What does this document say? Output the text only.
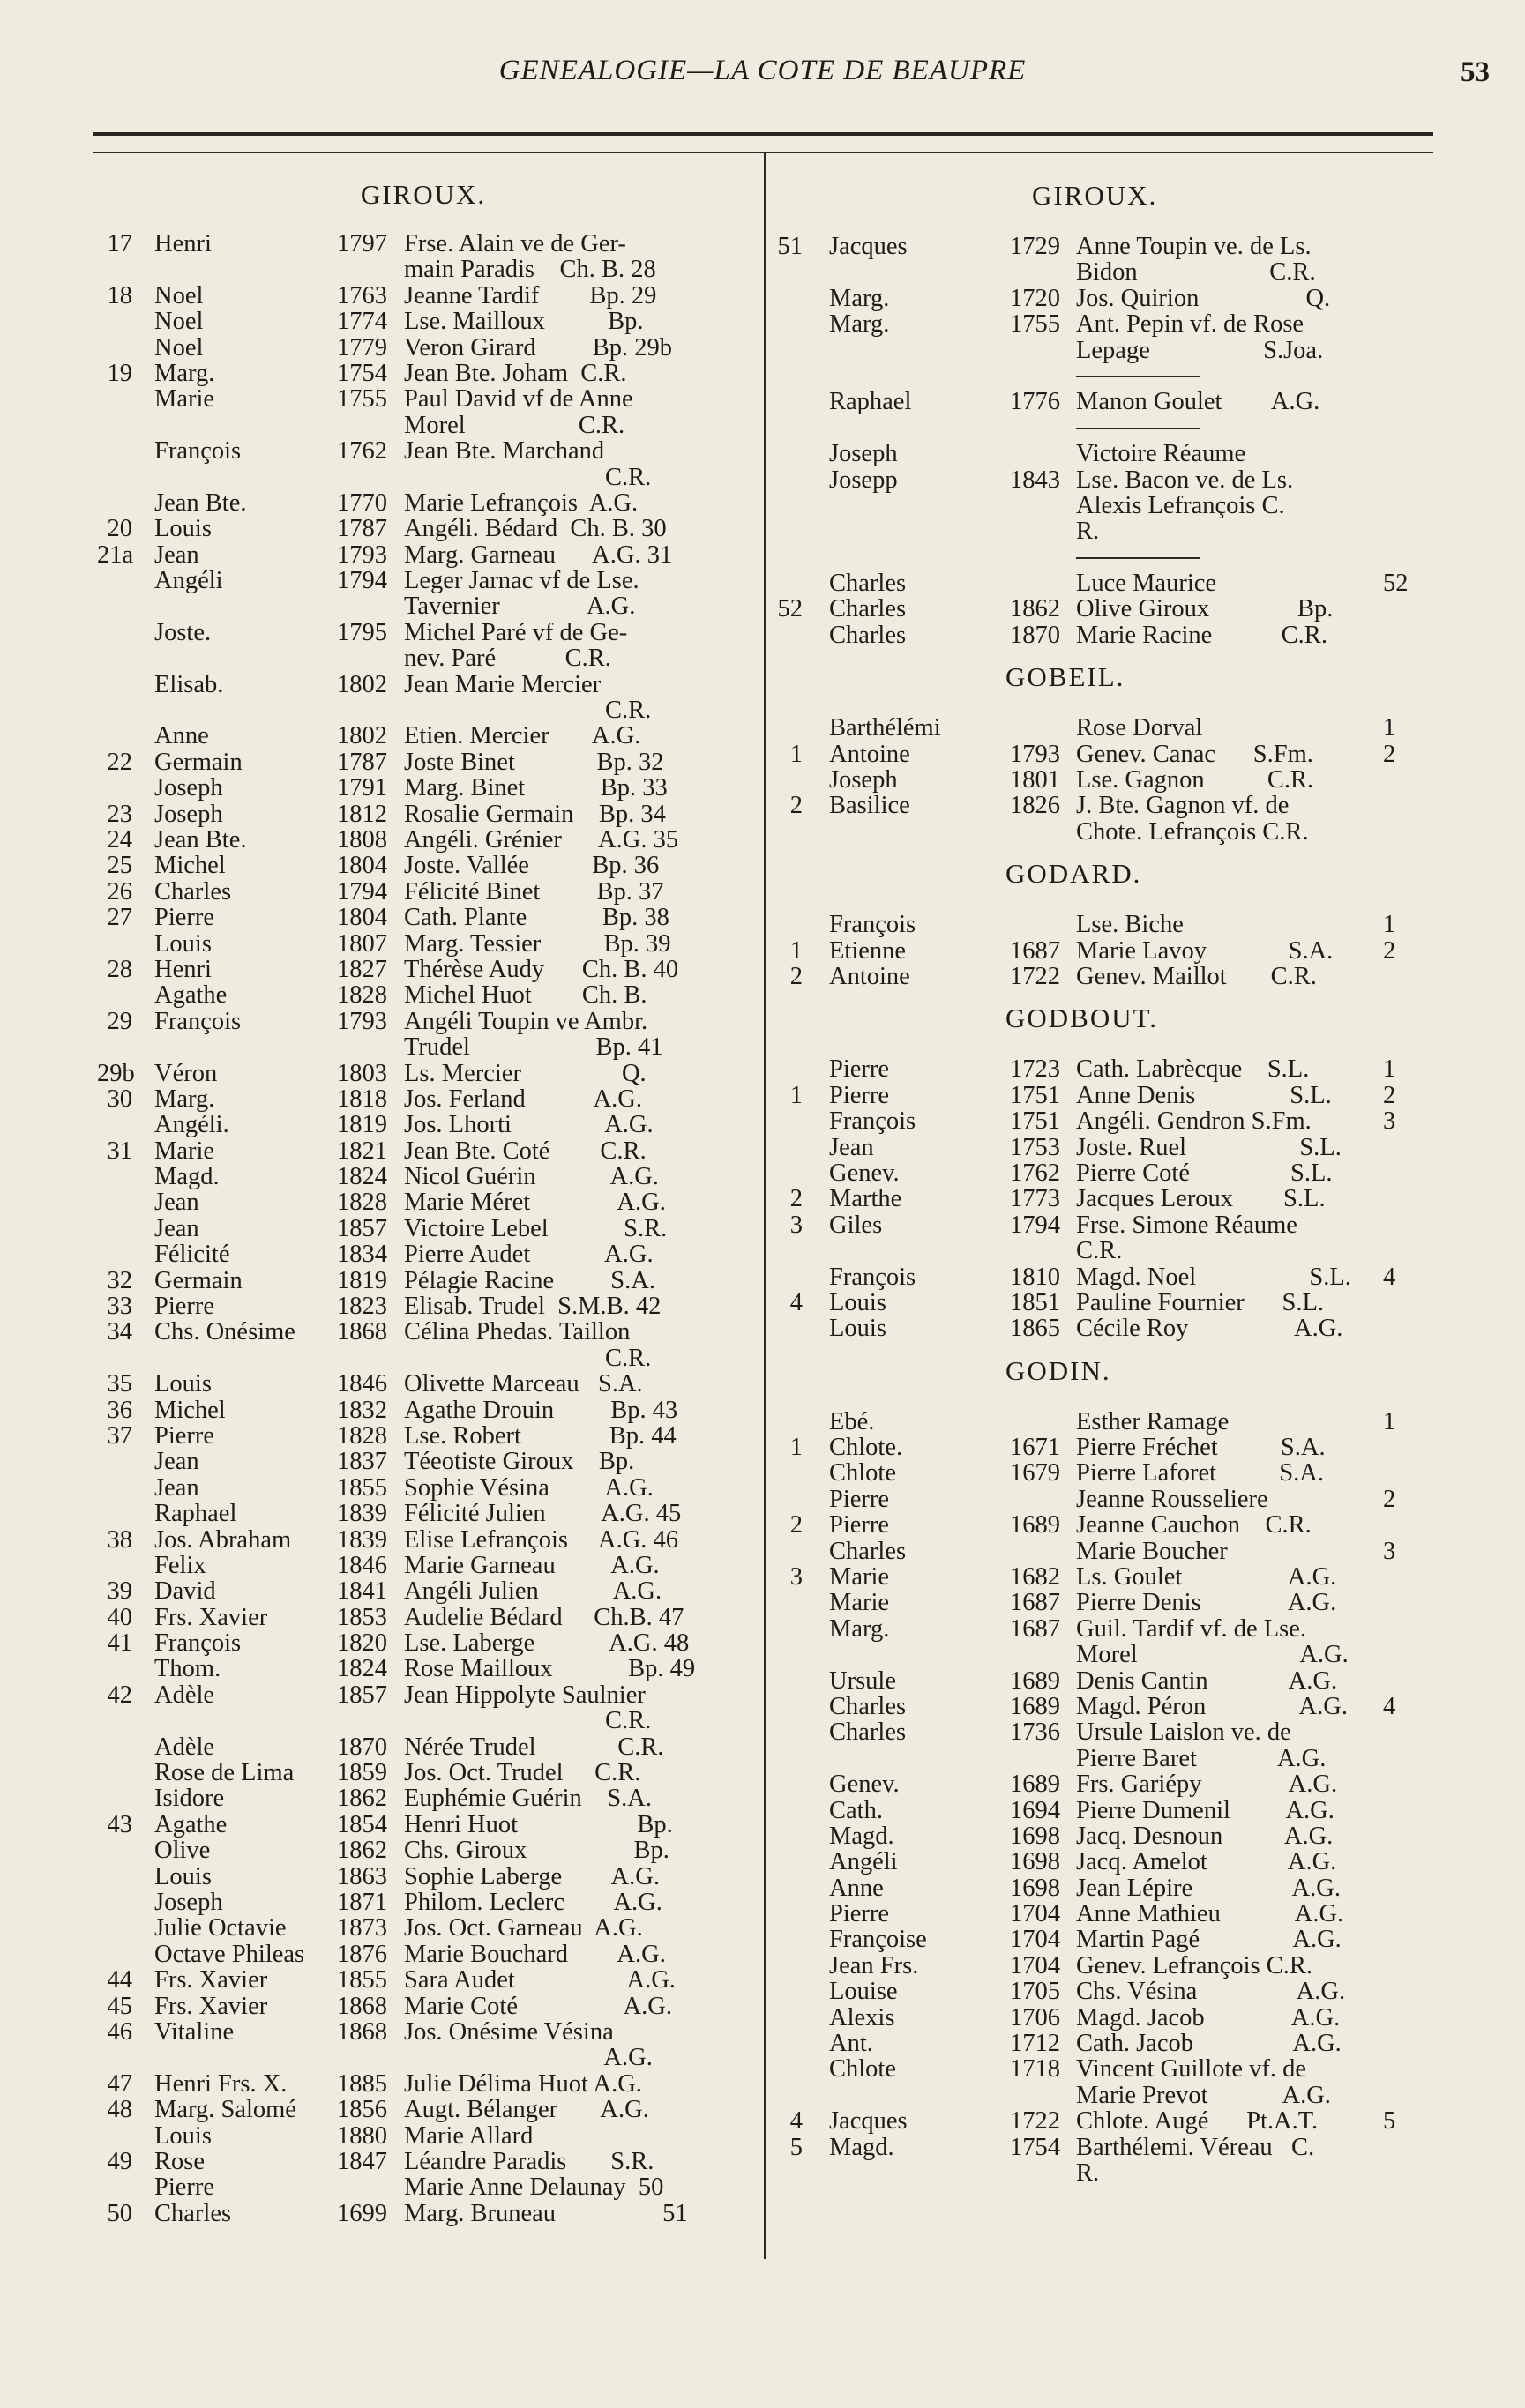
GENEALOGIE—LA COTE DE BEAUPRE	53
GIROUX.
17 Henri	1797 Frse. Alain ve de Ger-
main Paradis    Ch. B. 28
18 Noel	1763 Jeanne Tardif        Bp. 29
Noel	1774 Lse. Mailloux          Bp.
Noel	1779 Veron Girard         Bp. 29b
19 Marg.	1754 Jean Bte. Joham  C.R.
Marie	1755 Paul David vf de Anne
Morel                  C.R.
François	1762 Jean Bte. Marchand
C.R.
Jean Bte.	1770 Marie Lefrançois  A.G.
20 Louis	1787 Angéli. Bédard  Ch. B. 30
21a Jean	1793 Marg. Garneau      A.G. 31
Angéli	1794 Leger Jarnac vf de Lse.
Tavernier              A.G.
Joste.	1795 Michel Paré vf de Ge-
nev. Paré           C.R.
Elisab.	1802 Jean Marie Mercier
C.R.
Anne	1802 Etien. Mercier       A.G.
22 Germain	1787 Joste Binet             Bp. 32
Joseph	1791 Marg. Binet            Bp. 33
23 Joseph	1812 Rosalie Germain    Bp. 34
24 Jean Bte.	1808 Angéli. Grénier      A.G. 35
25 Michel	1804 Joste. Vallée          Bp. 36
26 Charles	1794 Félicité Binet         Bp. 37
27 Pierre	1804 Cath. Plante            Bp. 38
Louis	1807 Marg. Tessier          Bp. 39
28 Henri	1827 Thérèse Audy      Ch. B. 40
Agathe	1828 Michel Huot        Ch. B.
29 François	1793 Angéli Toupin ve Ambr.
Trudel                    Bp. 41
29b Véron	1803 Ls. Mercier                Q.
30 Marg.	1818 Jos. Ferland           A.G.
Angéli.	1819 Jos. Lhorti               A.G.
31 Marie	1821 Jean Bte. Coté        C.R.
Magd.	1824 Nicol Guérin            A.G.
Jean	1828 Marie Méret              A.G.
Jean	1857 Victoire Lebel            S.R.
Félicité	1834 Pierre Audet            A.G.
32 Germain	1819 Pélagie Racine         S.A.
33 Pierre	1823 Elisab. Trudel  S.M.B. 42
34 Chs. Onésime 1868 Célina Phedas. Taillon
C.R.
35 Louis	1846 Olivette Marceau   S.A.
36 Michel	1832 Agathe Drouin         Bp. 43
37 Pierre	1828 Lse. Robert              Bp. 44
Jean	1837 Téeotiste Giroux    Bp.
Jean	1855 Sophie Vésina         A.G.
Raphael	1839 Félicité Julien         A.G. 45
38 Jos. Abraham 1839 Elise Lefrançois     A.G. 46
Felix	1846 Marie Garneau         A.G.
39 David	1841 Angéli Julien            A.G.
40 Frs. Xavier	1853 Audelie Bédard     Ch.B. 47
41 François	1820 Lse. Laberge            A.G. 48
Thom.	1824 Rose Mailloux            Bp. 49
42 Adèle	1857 Jean Hippolyte Saulnier
C.R.
Adèle	1870 Nérée Trudel             C.R.
Rose de Lima 1859 Jos. Oct. Trudel     C.R.
Isidore	1862 Euphémie Guérin    S.A.
43 Agathe	1854 Henri Huot                   Bp.
Olive	1862 Chs. Giroux                 Bp.
Louis	1863 Sophie Laberge        A.G.
Joseph	1871 Philom. Leclerc        A.G.
Julie Octavie 1873 Jos. Oct. Garneau  A.G.
Octave Phileas 1876 Marie Bouchard        A.G.
44 Frs. Xavier	1855 Sara Audet                  A.G.
45 Frs. Xavier	1868 Marie Coté                 A.G.
46 Vitaline	1868 Jos. Onésime Vésina
A.G.
47 Henri Frs. X. 1885 Julie Délima Huot A.G.
48 Marg. Salomé 1856 Augt. Bélanger       A.G.
Louis	1880 Marie Allard
49 Rose	1847 Léandre Paradis       S.R.
Pierre	Marie Anne Delaunay  50
50 Charles	1699 Marg. Bruneau                 51
GIROUX.
51 Jacques	1729 Anne Toupin ve. de Ls.
Bidon                     C.R.
Marg.	1720 Jos. Quirion                 Q.
Marg.	1755 Ant. Pepin vf. de Rose
Lepage                  S.Joa.
Raphael	1776 Manon Goulet        A.G.
Joseph	Victoire Réaume
Josepp	1843 Lse. Bacon ve. de Ls.
Alexis Lefrançois C.
R.
Charles	Luce Maurice	52
52 Charles	1862 Olive Giroux              Bp.
Charles	1870 Marie Racine           C.R.
GOBEIL.
Barthélémi	Rose Dorval	1
1 Antoine	1793 Genev. Canac      S.Fm.	2
Joseph	1801 Lse. Gagnon          C.R.
2 Basilice	1826 J. Bte. Gagnon vf. de
Chote. Lefrançois C.R.
GODARD.
François	Lse. Biche	1
1 Etienne	1687 Marie Lavoy             S.A. 2
2 Antoine	1722 Genev. Maillot       C.R.
GODBOUT.
Pierre	1723 Cath. Labrècque    S.L.	1
1 Pierre	1751 Anne Denis               S.L. 2
François	1751 Angéli. Gendron S.Fm.	3
Jean	1753 Joste. Ruel                  S.L.
Genev.	1762 Pierre Coté                S.L.
2 Marthe	1773 Jacques Leroux        S.L.
3 Giles	1794 Frse. Simone Réaume
C.R.
François	1810 Magd. Noel                  S.L. 4
4 Louis	1851 Pauline Fournier      S.L.
Louis	1865 Cécile Roy                 A.G.
GODIN.
Ebé.	Esther Ramage	1
1 Chlote.	1671 Pierre Fréchet          S.A.
Chlote	1679 Pierre Laforet          S.A.
Pierre	Jeanne Rousseliere	2
2 Pierre	1689 Jeanne Cauchon    C.R.
Charles	Marie Boucher	3
3 Marie	1682 Ls. Goulet                 A.G.
Marie	1687 Pierre Denis              A.G.
Marg.	1687 Guil. Tardif vf. de Lse.
Morel                          A.G.
Ursule	1689 Denis Cantin             A.G.
Charles	1689 Magd. Péron               A.G. 4
Charles	1736 Ursule Laislon ve. de
Pierre Baret             A.G.
Genev.	1689 Frs. Gariépy              A.G.
Cath.	1694 Pierre Dumenil         A.G.
Magd.	1698 Jacq. Desnoun          A.G.
Angéli	1698 Jacq. Amelot             A.G.
Anne	1698 Jean Lépire                A.G.
Pierre	1704 Anne Mathieu            A.G.
Françoise	1704 Martin Pagé               A.G.
Jean Frs.	1704 Genev. Lefrançois C.R.
Louise	1705 Chs. Vésina                A.G.
Alexis	1706 Magd. Jacob              A.G.
Ant.	1712 Cath. Jacob                A.G.
Chlote	1718 Vincent Guillote vf. de
Marie Prevot            A.G.
4 Jacques	1722 Chlote. Augé      Pt.A.T.	5
5 Magd.	1754 Barthélemi. Véreau   C.
R.
